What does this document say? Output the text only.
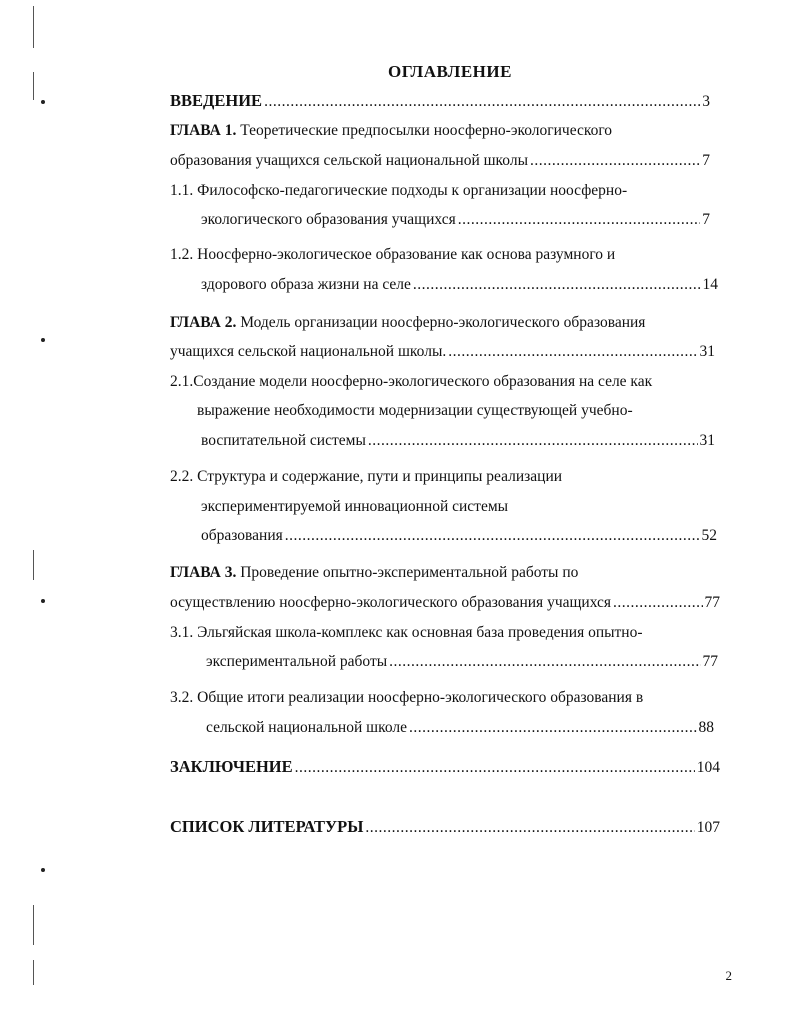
ОГЛАВЛЕНИЕ
ВВЕДЕНИЕ .....	3
ГЛАВА 1. Теоретические предпосылки ноосферно-экологического
образования учащихся сельской национальной школы .....	7
1.1. Философско-педагогические подходы к организации ноосферно-
экологического образования учащихся .....	7
1.2. Ноосферно-экологическое образование как основа разумного и
здорового образа жизни на селе .....	14
ГЛАВА 2. Модель организации ноосферно-экологического образования
учащихся сельской национальной школы. .....	31
2.1.Создание модели ноосферно-экологического образования на селе как
выражение необходимости модернизации существующей учебно-
воспитательной системы .....	31
2.2. Структура и содержание, пути и принципы реализации
экспериментируемой инновационной системы
образования .....	52
ГЛАВА 3. Проведение опытно-экспериментальной работы по
осуществлению ноосферно-экологического образования учащихся .....	77
3.1. Эльгяйская школа-комплекс как основная база проведения опытно-
экспериментальной работы .....	77
3.2. Общие итоги реализации ноосферно-экологического образования в
сельской национальной школе .....	88
ЗАКЛЮЧЕНИЕ .....	104
СПИСОК ЛИТЕРАТУРЫ .....	107
2
